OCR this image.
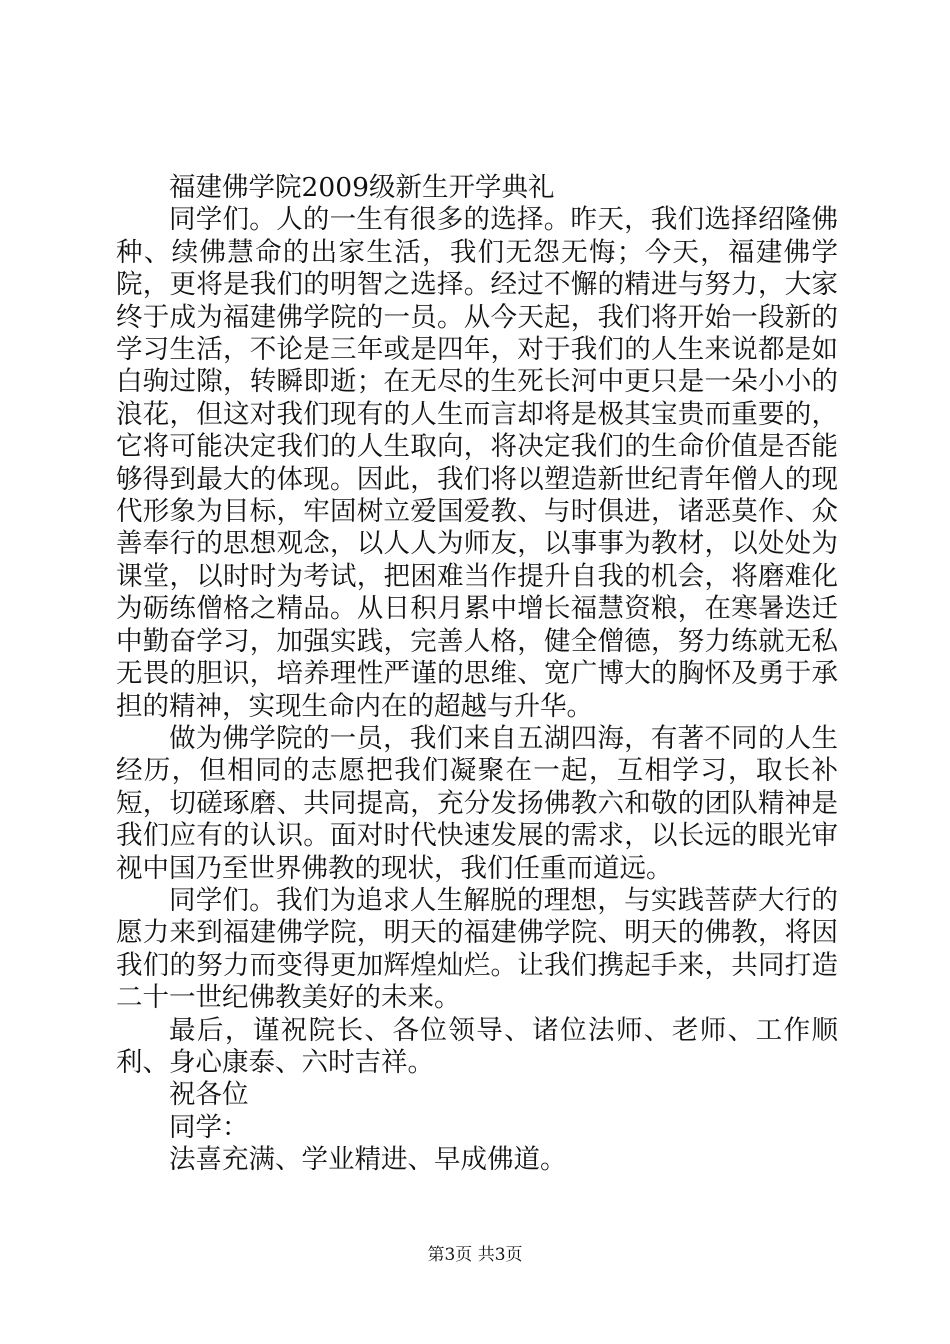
福建佛学院2009级新生开学典礼

同学们。人的一生有很多的选择。昨天，我们选择绍隆佛种、续佛慧命的出家生活，我们无怨无悔；今天，福建佛学院，更将是我们的明智之选择。经过不懈的精进与努力，大家终于成为福建佛学院的一员。从今天起，我们将开始一段新的学习生活，不论是三年或是四年，对于我们的人生来说都是如白驹过隙，转瞬即逝；在无尽的生死长河中更只是一朵小小的浪花，但这对我们现有的人生而言却将是极其宝贵而重要的，它将可能决定我们的人生取向，将决定我们的生命价值是否能够得到最大的体现。因此，我们将以塑造新世纪青年僧人的现代形象为目标，牢固树立爱国爱教、与时俱进，诸恶莫作、众善奉行的思想观念，以人人为师友，以事事为教材，以处处为课堂，以时时为考试，把困难当作提升自我的机会，将磨难化为砺练僧格之精品。从日积月累中增长福慧资粮，在寒暑迭迁中勤奋学习，加强实践，完善人格，健全僧德，努力练就无私无畏的胆识，培养理性严谨的思维、宽广博大的胸怀及勇于承担的精神，实现生命内在的超越与升华。

做为佛学院的一员，我们来自五湖四海，有著不同的人生经历，但相同的志愿把我们凝聚在一起，互相学习，取长补短，切磋琢磨、共同提高，充分发扬佛教六和敬的团队精神是我们应有的认识。面对时代快速发展的需求，以长远的眼光审视中国乃至世界佛教的现状，我们任重而道远。

同学们。我们为追求人生解脱的理想，与实践菩萨大行的愿力来到福建佛学院，明天的福建佛学院、明天的佛教，将因我们的努力而变得更加辉煌灿烂。让我们携起手来，共同打造二十一世纪佛教美好的未来。

最后，谨祝院长、各位领导、诸位法师、老师、工作顺利、身心康泰、六时吉祥。

祝各位

同学：

法喜充满、学业精进、早成佛道。

第3页 共3页
